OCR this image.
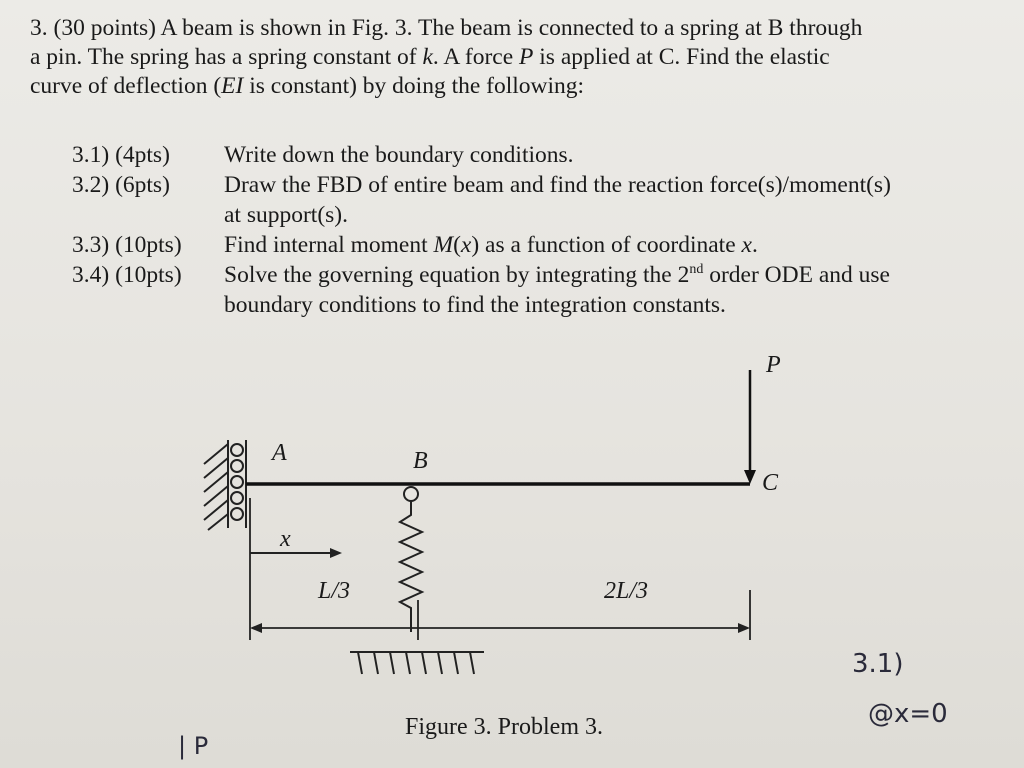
3. (30 points) A beam is shown in Fig. 3. The beam is connected to a spring at B through
a pin. The spring has a spring constant of k. A force P is applied at C. Find the elastic
curve of deflection (EI is constant) by doing the following:
3.1) (4pts)	Write down the boundary conditions.
3.2) (6pts)	Draw the FBD of entire beam and find the reaction force(s)/moment(s)
at support(s).
3.3) (10pts)	Find internal moment M(x) as a function of coordinate x.
3.4) (10pts)	Solve the governing equation by integrating the 2nd order ODE and use
boundary conditions to find the integration constants.
P
A	B
C
x
L/3	2L/3
Figure 3. Problem 3.
3.1)
@x=0
| P
